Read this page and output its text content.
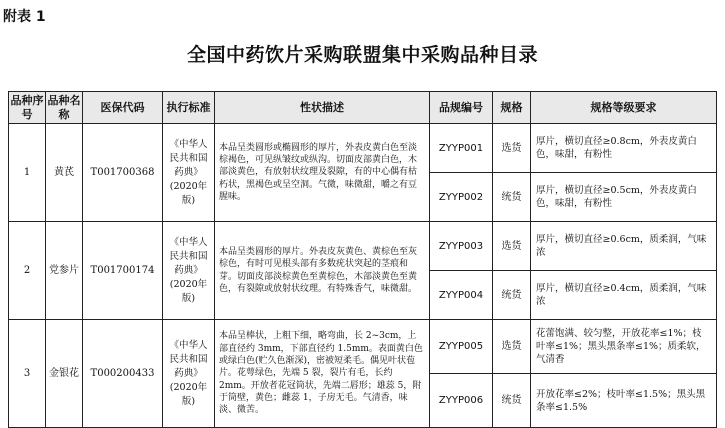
附表 1
全国中药饮片采购联盟集中采购品种目录
品种序号	品种名称	医保代码	执行标准	性状描述	品规编号	规格	规格等级要求
1	黄芪	T001700368	《中华人民共和国药典》(2020年版)	本品呈类圆形或椭圆形的厚片，外表皮黄白色至淡棕褐色，可见纵皱纹或纵沟。切面皮部黄白色，木部淡黄色，有放射状纹理及裂隙，有的中心偶有枯朽状，黑褐色或呈空洞。气微，味微甜，嚼之有豆腥味。	ZYYP001	选货	厚片，横切直径≥0.8cm，外表皮黄白色，味甜，有粉性
					ZYYP002	统货	厚片，横切直径≥0.5cm，外表皮黄白色，味甜，有粉性
2	党参片	T001700174	《中华人民共和国药典》(2020年版)	本品呈类圆形的厚片。外表皮灰黄色、黄棕色至灰棕色，有时可见根头部有多数疣状突起的茎痕和芽。切面皮部淡棕黄色至黄棕色，木部淡黄色至黄色，有裂隙或放射状纹理。有特殊香气，味微甜。	ZYYP003	选货	厚片，横切直径≥0.6cm，质柔润，气味浓
					ZYYP004	统货	厚片，横切直径≥0.4cm，质柔润，气味浓
3	金银花	T000200433	《中华人民共和国药典》(2020年版)	本品呈棒状，上粗下细，略弯曲，长 2~3cm，上部直径约 3mm，下部直径约 1.5mm。表面黄白色或绿白色(贮久色渐深)，密被短柔毛。偶见叶状苞片。花萼绿色，先端 5 裂，裂片有毛，长约 2mm。开放者花冠筒状，先端二唇形；雄蕊 5，附于筒壁，黄色；雌蕊 1，子房无毛。气清香，味淡、微苦。	ZYYP005	选货	花蕾饱满、较匀整，开放花率≤1%；枝叶率≤1%；黑头黑条率≤1%；质柔软，气清香
					ZYYP006	统货	开放花率≤2%；枝叶率≤1.5%；黑头黑条率≤1.5%
